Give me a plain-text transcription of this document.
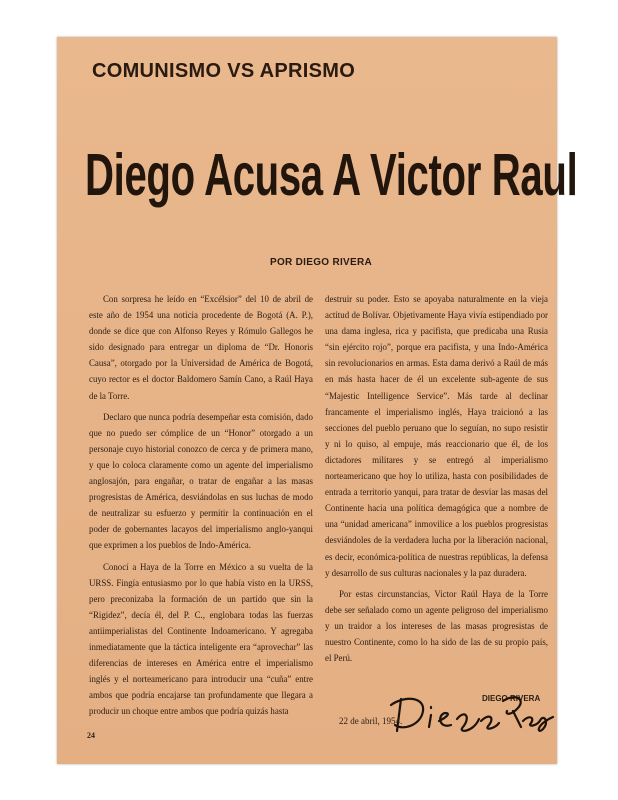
COMUNISMO VS APRISMO
Diego Acusa A Victor Raul
POR DIEGO RIVERA

Con sorpresa he leído en “Excélsior” del 10 de abril de este año de 1954 una noticia procedente de Bogotá (A. P.), donde se dice que con Alfonso Reyes y Rómulo Gallegos he sido designado para entregar un diploma de “Dr. Honoris Causa”, otorgado por la Universidad de América de Bogotá, cuyo rector es el doctor Baldomero Samín Cano, a Raúl Haya de la Torre.

Declaro que nunca podría desempeñar esta comisión, dado que no puedo ser cómplice de un “Honor” otorgado a un personaje cuyo historial conozco de cerca y de primera mano, y que lo coloca claramente como un agente del imperialismo anglosajón, para engañar, o tratar de engañar a las masas progresistas de América, desviándolas en sus luchas de modo de neutralizar su esfuerzo y permitir la continuación en el poder de gobernantes lacayos del imperialismo anglo-yanqui que exprimen a los pueblos de Indo-América.

Conocí a Haya de la Torre en México a su vuelta de la URSS. Fingía entusiasmo por lo que había visto en la URSS, pero preconizaba la formación de un partido que sin la “Rigidez”, decía él, del P. C., englobara todas las fuerzas antiimperialistas del Continente Indoamericano. Y agregaba inmediatamente que la táctica inteligente era “aprovechar” las diferencias de intereses en América entre el imperialismo inglés y el norteamericano para introducir una “cuña” entre ambos que podría encajarse tan profundamente que llegara a producir un choque entre ambos que podría quizás hasta

destruir su poder. Esto se apoyaba naturalmente en la vieja actitud de Bolívar. Objetivamente Haya vivía estipendiado por una dama inglesa, rica y pacifista, que predicaba una Rusia “sin ejército rojo”, porque era pacifista, y una Indo-América sin revolucionarios en armas. Esta dama derivó a Raúl de más en más hasta hacer de él un excelente sub-agente de sus “Majestic Intelligence Service”. Más tarde al declinar francamente el imperialismo inglés, Haya traicionó a las secciones del pueblo peruano que lo seguían, no supo resistir y ni lo quiso, al empuje, más reaccionario que él, de los dictadores militares y se entregó al imperialismo norteamericano que hoy lo utiliza, hasta con posibilidades de entrada a territorio yanqui, para tratar de desviar las masas del Continente hacia una política demagógica que a nombre de una “unidad americana” inmovilice a los pueblos progresistas desviándoles de la verdadera lucha por la liberación nacional, es decir, económica-política de nuestras repúblicas, la defensa y desarrollo de sus culturas nacionales y la paz duradera.

Por estas circunstancias, Victor Raúl Haya de la Torre debe ser señalado como un agente peligroso del imperialismo y un traidor a los intereses de las masas progresistas de nuestro Continente, como lo ha sido de las de su propio país, el Perú.

DIEGO RIVERA
22 de abril, 1954.
24
